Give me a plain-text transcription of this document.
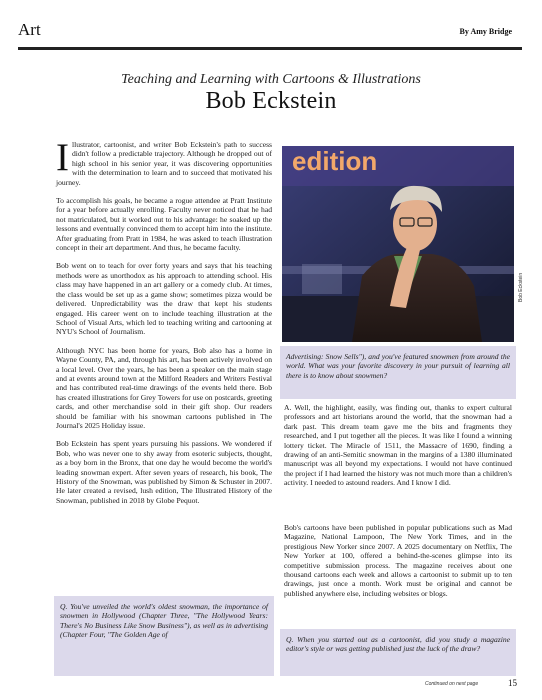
Art	By Amy Bridge
Teaching and Learning with Cartoons & Illustrations
Bob Eckstein

Illustrator, cartoonist, and writer Bob Eckstein's path to success didn't follow a predictable trajectory. Although he dropped out of high school in his senior year, it was discovering opportunities with the determination to learn and to succeed that motivated his journey.

To accomplish his goals, he became a rogue attendee at Pratt Institute for a year before actually enrolling. Faculty never noticed that he had not matriculated, but it worked out to his advantage: he soaked up the lessons and eventually convinced them to accept him into the institute. After graduating from Pratt in 1984, he was asked to teach illustration concept in their art department. And thus, he became faculty.

Bob went on to teach for over forty years and says that his teaching methods were as unorthodox as his approach to attending school. His class may have happened in an art gallery or a comedy club. At times, the class would be set up as a game show; sometimes pizza would be delivered. Unpredictability was the draw that kept his students engaged. His career went on to include teaching illustration at the School of Visual Arts, which led to teaching writing and cartooning at NYU's School of Journalism.

Although NYC has been home for years, Bob also has a home in Wayne County, PA, and, through his art, has been actively involved on a local level. Over the years, he has been a speaker on the main stage and at events around town at the Milford Readers and Writers Festival and has contributed real-time drawings of the events held there. Bob has created illustrations for Grey Towers for use on postcards, greeting cards, and other merchandise sold in their gift shop. Our readers should be familiar with his snowman cartoons published in The Journal's 2025 Holiday issue.

Bob Eckstein has spent years pursuing his passions. We wondered if Bob, who was never one to shy away from esoteric subjects, thought, as a boy born in the Bronx, that one day he would become the world's leading snowman expert. After seven years of research, his book, The History of the Snowman, was published by Simon & Schuster in 2007. He later created a revised, lush edition, The Illustrated History of the Snowman, published in 2018 by Globe Pequot.

Q. You've unveiled the world's oldest snowman, the importance of snowmen in Hollywood (Chapter Three, "The Hollywood Years: There's No Business Like Snow Business"), as well as in advertising (Chapter Four, "The Golden Age of
edition
Bob Eckstein
Advertising: Snow Sells"), and you've featured snowmen from around the world. What was your favorite discovery in your pursuit of learning all there is to know about snowmen?

A. Well, the highlight, easily, was finding out, thanks to expert cultural professors and art historians around the world, that the snowman had a dark past. This dream team gave me the bits and fragments they researched, and I put together all the pieces. It was like I found a winning lottery ticket. The Miracle of 1511, the Massacre of 1690, finding a drawing of an anti-Semitic snowman in the margins of a 1380 illuminated manuscript was all beyond my expectations. I would not have continued the project if I had learned the history was not much more than a children's activity. I needed to astound readers. And I know I did.

Bob's cartoons have been published in popular publications such as Mad Magazine, National Lampoon, The New York Times, and in the prestigious New Yorker since 2007. A 2025 documentary on Netflix, The New Yorker at 100, offered a behind-the-scenes glimpse into its competitive submission process. The magazine receives about one thousand cartoons each week and allows a cartoonist to submit up to ten drawings, just once a month. Work must be original and cannot be published anywhere else, including websites or blogs.

Q. When you started out as a cartoonist, did you study a magazine editor's style or was getting published just the luck of the draw?
Continued on next page	15
